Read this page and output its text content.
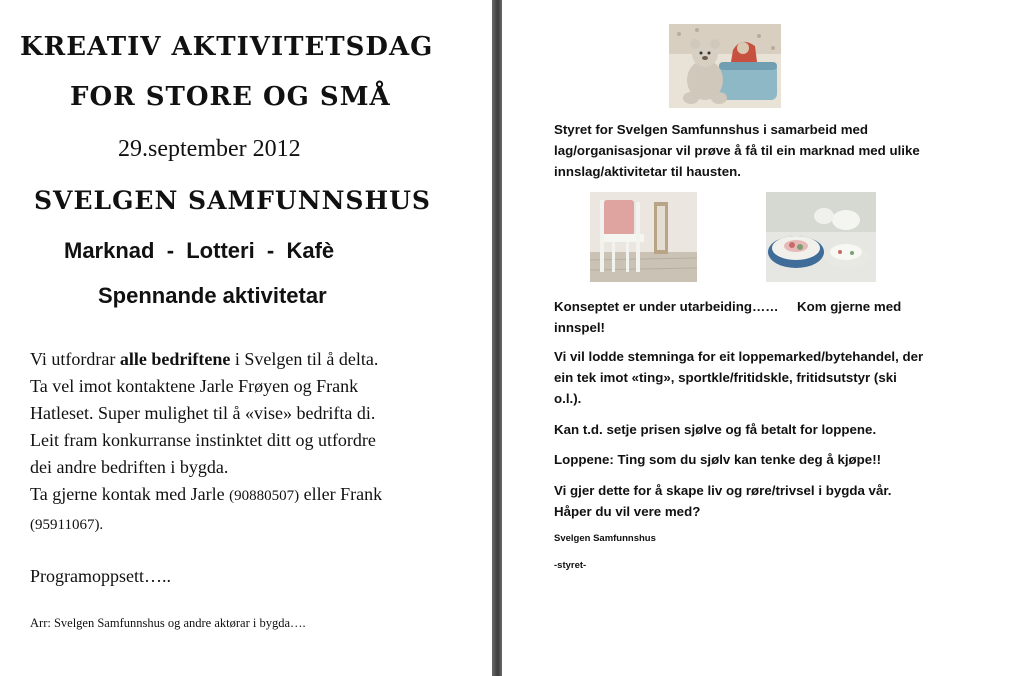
KREATIV AKTIVITETSDAG
FOR STORE OG SMÅ
29.september 2012
SVELGEN SAMFUNNSHUS
Marknad  -  Lotteri  -  Kafè
Spennande aktivitetar
Vi utfordrar alle bedriftene i Svelgen til å delta.
Ta vel imot kontaktene Jarle Frøyen og Frank
Hatleset. Super mulighet til å «vise» bedrifta di.
Leit fram konkurranse instinktet ditt og utfordre
dei andre bedriften i bygda.
Ta gjerne kontak med Jarle (90880507) eller Frank
(95911067).
Programoppsett…..
Arr: Svelgen Samfunnshus og andre aktørar i bygda….
Styret for Svelgen Samfunnshus i samarbeid med
lag/organisasjonar vil prøve å få til ein marknad med ulike
innslag/aktivitetar til hausten.
Konseptet er under utarbeiding……     Kom gjerne med
innspel!
Vi vil lodde stemninga for eit loppemarked/bytehandel, der
ein tek imot «ting», sportkle/fritidskle, fritidsutstyr (ski
o.l.).
Kan t.d. setje prisen sjølve og få betalt for loppene.
Loppene: Ting som du sjølv kan tenke deg å kjøpe!!
Vi gjer dette for å skape liv og røre/trivsel i bygda vår.
Håper du vil vere med?
Svelgen Samfunnshus
-styret-
